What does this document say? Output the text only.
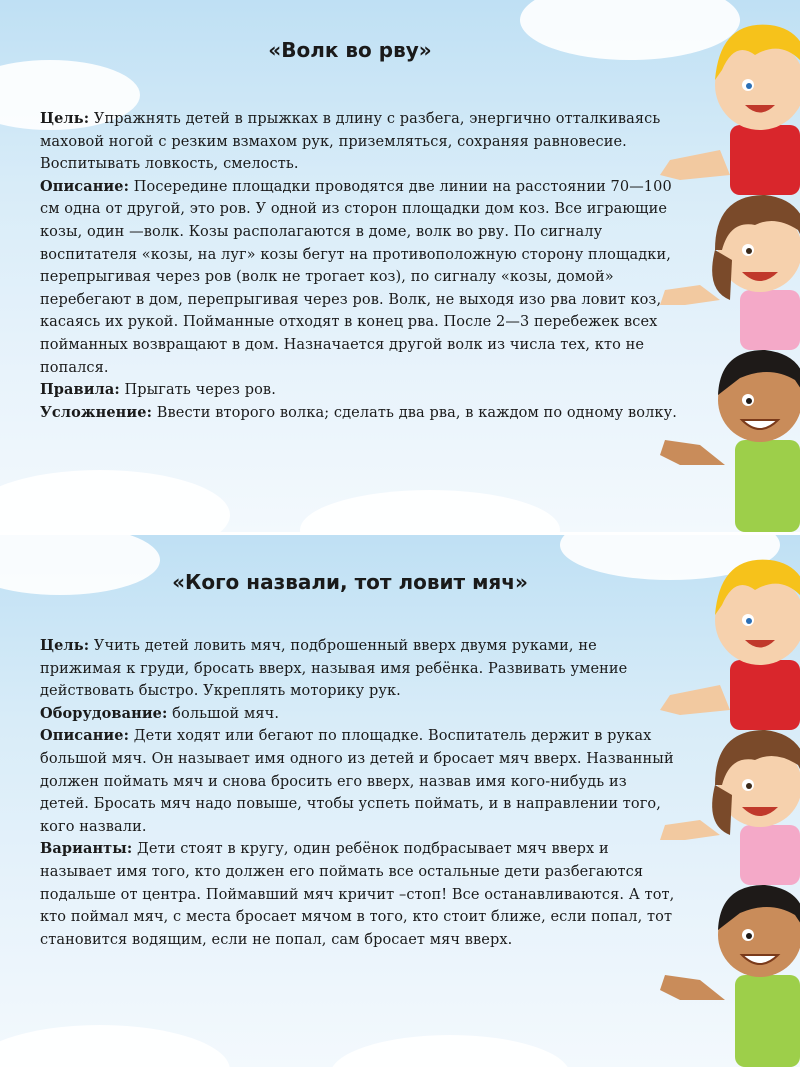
«Волк во рву»

Цель: Упражнять детей в прыжках в длину с разбега, энергично отталкиваясь маховой ногой с резким взмахом рук, приземляться, сохраняя равновесие. Воспитывать ловкость, смелость.

Описание: Посередине площадки проводятся две линии на расстоянии 70—100 см одна от другой, это ров. У одной из сторон площадки дом коз. Все играющие козы, один —волк. Козы располагаются в доме, волк во рву. По сигналу воспитателя «козы, на луг» козы бегут на противоположную сторону площадки, перепрыгивая через ров (волк не трогает коз), по сигналу «козы, домой» перебегают в дом, перепрыгивая через ров. Волк, не выходя изо рва ловит коз, касаясь их рукой. Пойманные отходят в конец рва. После 2—3 перебежек всех пойманных возвращают в дом. Назначается другой волк из числа тех, кто не попался.

Правила: Прыгать через ров.

Усложнение: Ввести второго волка; сделать два рва, в каждом по одному волку.

«Кого назвали, тот ловит мяч»

Цель: Учить детей ловить мяч, подброшенный вверх двумя руками, не прижимая к груди, бросать вверх, называя имя ребёнка. Развивать умение действовать быстро. Укреплять моторику рук.

Оборудование: большой мяч.

Описание: Дети ходят или бегают по площадке. Воспитатель держит в руках большой мяч. Он называет имя одного из детей и бросает мяч вверх. Названный должен поймать мяч и снова бросить его вверх, назвав имя кого-нибудь из детей. Бросать мяч надо повыше, чтобы успеть поймать, и в направлении того, кого назвали.

Варианты: Дети стоят в кругу, один ребёнок подбрасывает мяч вверх и называет имя того, кто должен его поймать все остальные дети разбегаются подальше от центра. Поймавший мяч кричит –стоп! Все останавливаются. А тот, кто поймал мяч, с места бросает мячом в того, кто стоит ближе, если попал, тот становится водящим, если не попал, сам бросает мяч вверх.
